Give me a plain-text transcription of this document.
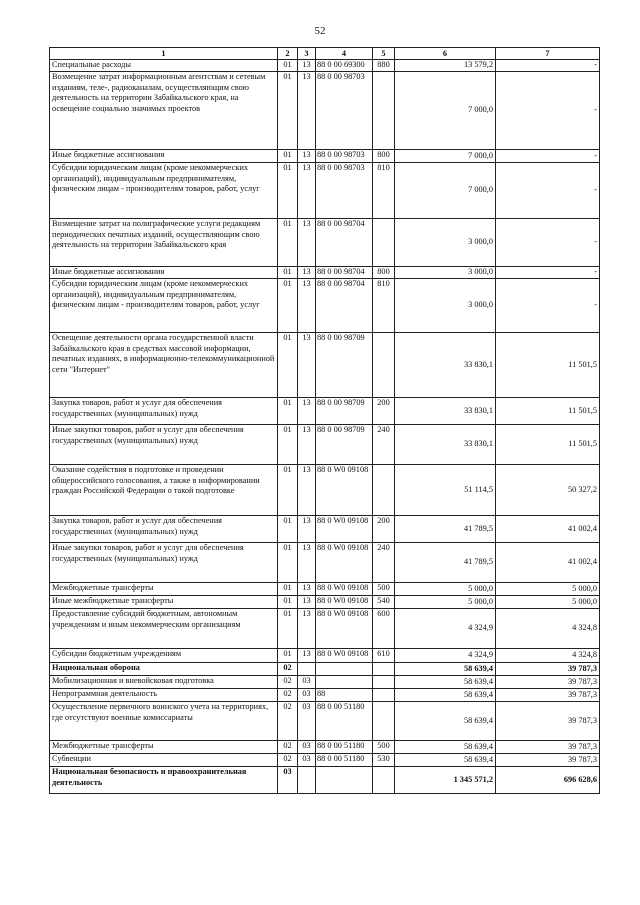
52
1	2	3	4	5	6	7
Специальные расходы	01	13	88 0 00 69300	880	13 579,2	-
Возмещение затрат информационным агентствам и сетевым изданиям, теле-, радиоканалам, осуществляющим свою деятельность на территории Забайкальского края, на освещение социально значимых проектов	01	13	88 0 00 98703		7 000,0	-
Иные бюджетные ассигнования	01	13	88 0 00 98703	800	7 000,0	-
Субсидии юридическим лицам (кроме некоммерческих организаций), индивидуальным предпринимателям, физическим лицам - производителям товаров, работ, услуг	01	13	88 0 00 98703	810	7 000,0	-
Возмещение затрат на полиграфические услуги редакциям периодических печатных изданий, осуществляющим свою деятельность на территории Забайкальского края	01	13	88 0 00 98704		3 000,0	-
Иные бюджетные ассигнования	01	13	88 0 00 98704	800	3 000,0	-
Субсидии юридическим лицам (кроме некоммерческих организаций), индивидуальным предпринимателям, физическим лицам - производителям товаров, работ, услуг	01	13	88 0 00 98704	810	3 000,0	-
Освещение деятельности органа государственной власти Забайкальского края в средствах массовой информации, печатных изданиях, в информационно-телекоммуникационной сети "Интернет"	01	13	88 0 00 98709		33 830,1	11 501,5
Закупка товаров, работ и услуг для обеспечения государственных (муниципальных) нужд	01	13	88 0 00 98709	200	33 830,1	11 501,5
Иные закупки товаров, работ и услуг для обеспечения государственных (муниципальных) нужд	01	13	88 0 00 98709	240	33 830,1	11 501,5
Оказание содействия в подготовке и проведении общероссийского голосования, а также в информировании граждан Российской Федерации о такой подготовке	01	13	88 0 W0 09108		51 114,5	50 327,2
Закупка товаров, работ и услуг для обеспечения государственных (муниципальных) нужд	01	13	88 0 W0 09108	200	41 789,5	41 002,4
Иные закупки товаров, работ и услуг для обеспечения государственных (муниципальных) нужд	01	13	88 0 W0 09108	240	41 789,5	41 002,4
Межбюджетные трансферты	01	13	88 0 W0 09108	500	5 000,0	5 000,0
Иные межбюджетные трансферты	01	13	88 0 W0 09108	540	5 000,0	5 000,0
Предоставление субсидий бюджетным, автономным учреждениям и иным некоммерческим организациям	01	13	88 0 W0 09108	600	4 324,9	4 324,8
Субсидии бюджетным учреждениям	01	13	88 0 W0 09108	610	4 324,9	4 324,8
Национальная оборона	02				58 639,4	39 787,3
Мобилизационная и вневойсковая подготовка	02	03			58 639,4	39 787,3
Непрограммная деятельность	02	03	88		58 639,4	39 787,3
Осуществление первичного воинского учета на территориях, где отсутствуют военные комиссариаты	02	03	88 0 00 51180		58 639,4	39 787,3
Межбюджетные трансферты	02	03	88 0 00 51180	500	58 639,4	39 787,3
Субвенции	02	03	88 0 00 51180	530	58 639,4	39 787,3
Национальная безопасность и правоохранительная деятельность	03				1 345 571,2	696 628,6
